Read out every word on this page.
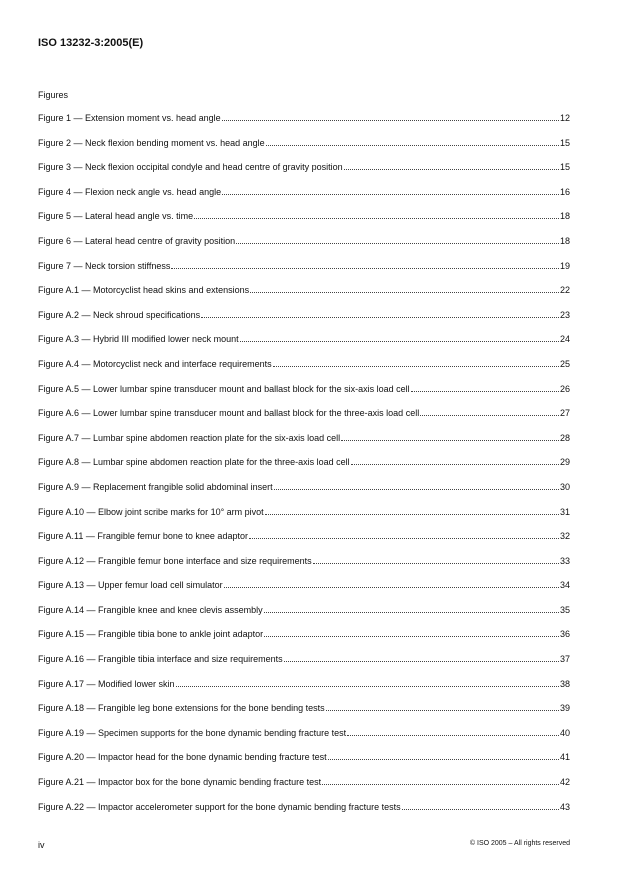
ISO 13232-3:2005(E)
Figures
Figure 1 — Extension moment vs. head angle	12
Figure 2 — Neck flexion bending moment vs. head angle	15
Figure 3 — Neck flexion occipital condyle and head centre of gravity position	15
Figure 4 — Flexion neck angle vs. head angle	16
Figure 5 — Lateral head angle vs. time	18
Figure 6 — Lateral head centre of gravity position	18
Figure 7 — Neck torsion stiffness	19
Figure A.1 — Motorcyclist head skins and extensions	22
Figure A.2 — Neck shroud specifications	23
Figure A.3 — Hybrid III modified lower neck mount	24
Figure A.4 — Motorcyclist neck and interface requirements	25
Figure A.5 — Lower lumbar spine transducer mount and ballast block for the six-axis load cell	26
Figure A.6 — Lower lumbar spine transducer mount and ballast block for the three-axis load cell	27
Figure A.7 — Lumbar spine abdomen reaction plate for the six-axis load cell	28
Figure A.8 — Lumbar spine abdomen reaction plate for the three-axis load cell	29
Figure A.9 — Replacement frangible solid abdominal insert	30
Figure A.10 — Elbow joint scribe marks for 10° arm pivot	31
Figure A.11 — Frangible femur bone to knee adaptor	32
Figure A.12 — Frangible femur bone interface and size requirements	33
Figure A.13 — Upper femur load cell simulator	34
Figure A.14 — Frangible knee and knee clevis assembly	35
Figure A.15 — Frangible tibia bone to ankle joint adaptor	36
Figure A.16 — Frangible tibia interface and size requirements	37
Figure A.17 — Modified lower skin	38
Figure A.18 — Frangible leg bone extensions for the bone bending tests	39
Figure A.19 — Specimen supports for the bone dynamic bending fracture test	40
Figure A.20 — Impactor head for the bone dynamic bending fracture test	41
Figure A.21 — Impactor box for the bone dynamic bending fracture test	42
Figure A.22 — Impactor accelerometer support for the bone dynamic bending fracture tests	43
iv	© ISO 2005 – All rights reserved
